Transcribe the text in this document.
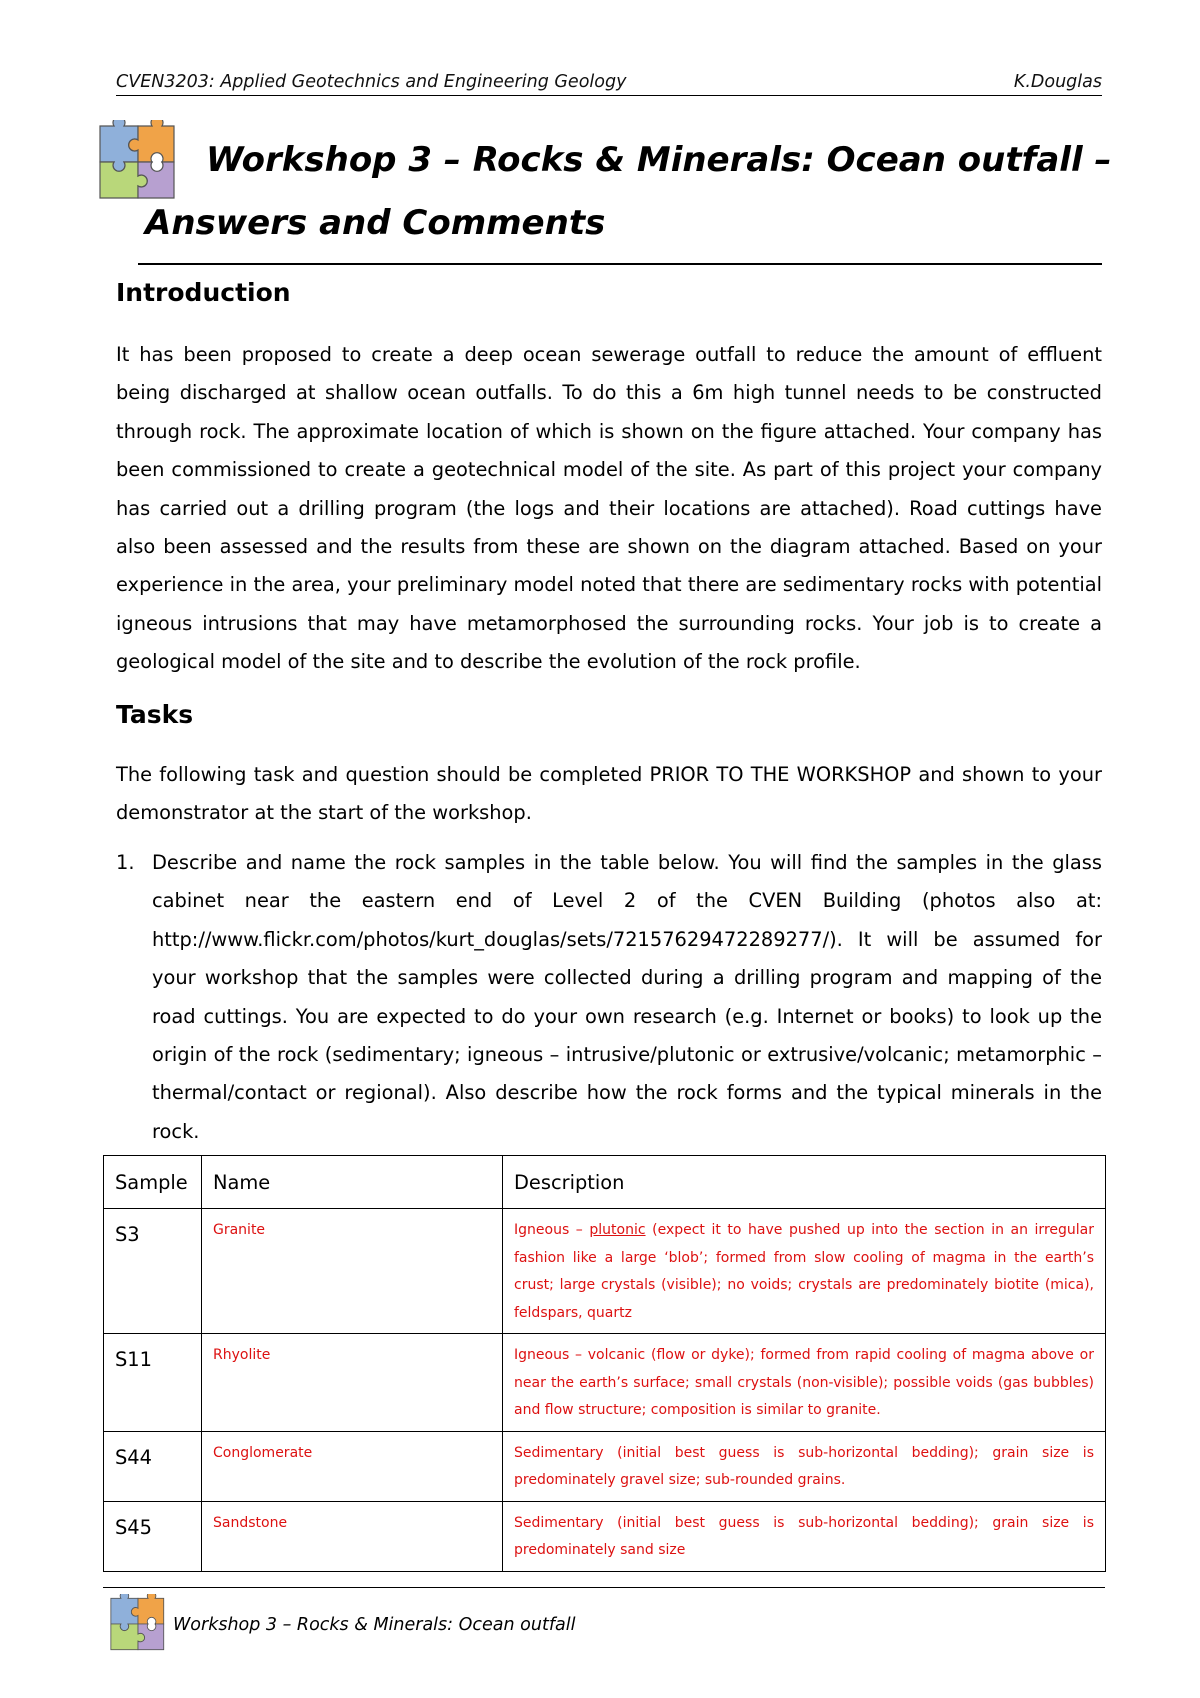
CVEN3203: Applied Geotechnics and Engineering Geology	K.Douglas
Workshop 3 – Rocks & Minerals: Ocean outfall –
Answers and Comments
Introduction
It has been proposed to create a deep ocean sewerage outfall to reduce the amount of effluent being discharged at shallow ocean outfalls. To do this a 6m high tunnel needs to be constructed through rock. The approximate location of which is shown on the figure attached. Your company has been commissioned to create a geotechnical model of the site. As part of this project your company has carried out a drilling program (the logs and their locations are attached). Road cuttings have also been assessed and the results from these are shown on the diagram attached. Based on your experience in the area, your preliminary model noted that there are sedimentary rocks with potential igneous intrusions that may have metamorphosed the surrounding rocks. Your job is to create a geological model of the site and to describe the evolution of the rock profile.
Tasks
The following task and question should be completed PRIOR TO THE WORKSHOP and shown to your demonstrator at the start of the workshop.
1. Describe and name the rock samples in the table below. You will find the samples in the glass cabinet near the eastern end of Level 2 of the CVEN Building (photos also at: http://www.flickr.com/photos/kurt_douglas/sets/72157629472289277/). It will be assumed for your workshop that the samples were collected during a drilling program and mapping of the road cuttings. You are expected to do your own research (e.g. Internet or books) to look up the origin of the rock (sedimentary; igneous – intrusive/plutonic or extrusive/volcanic; metamorphic – thermal/contact or regional). Also describe how the rock forms and the typical minerals in the rock.
Sample	Name	Description
S3	Granite	Igneous – plutonic (expect it to have pushed up into the section in an irregular fashion like a large ‘blob’; formed from slow cooling of magma in the earth’s crust; large crystals (visible); no voids; crystals are predominately biotite (mica), feldspars, quartz
S11	Rhyolite	Igneous – volcanic (flow or dyke); formed from rapid cooling of magma above or near the earth’s surface; small crystals (non-visible); possible voids (gas bubbles) and flow structure; composition is similar to granite.
S44	Conglomerate	Sedimentary (initial best guess is sub-horizontal bedding); grain size is predominately gravel size; sub-rounded grains.
S45	Sandstone	Sedimentary (initial best guess is sub-horizontal bedding); grain size is predominately sand size
Workshop 3 – Rocks & Minerals: Ocean outfall
